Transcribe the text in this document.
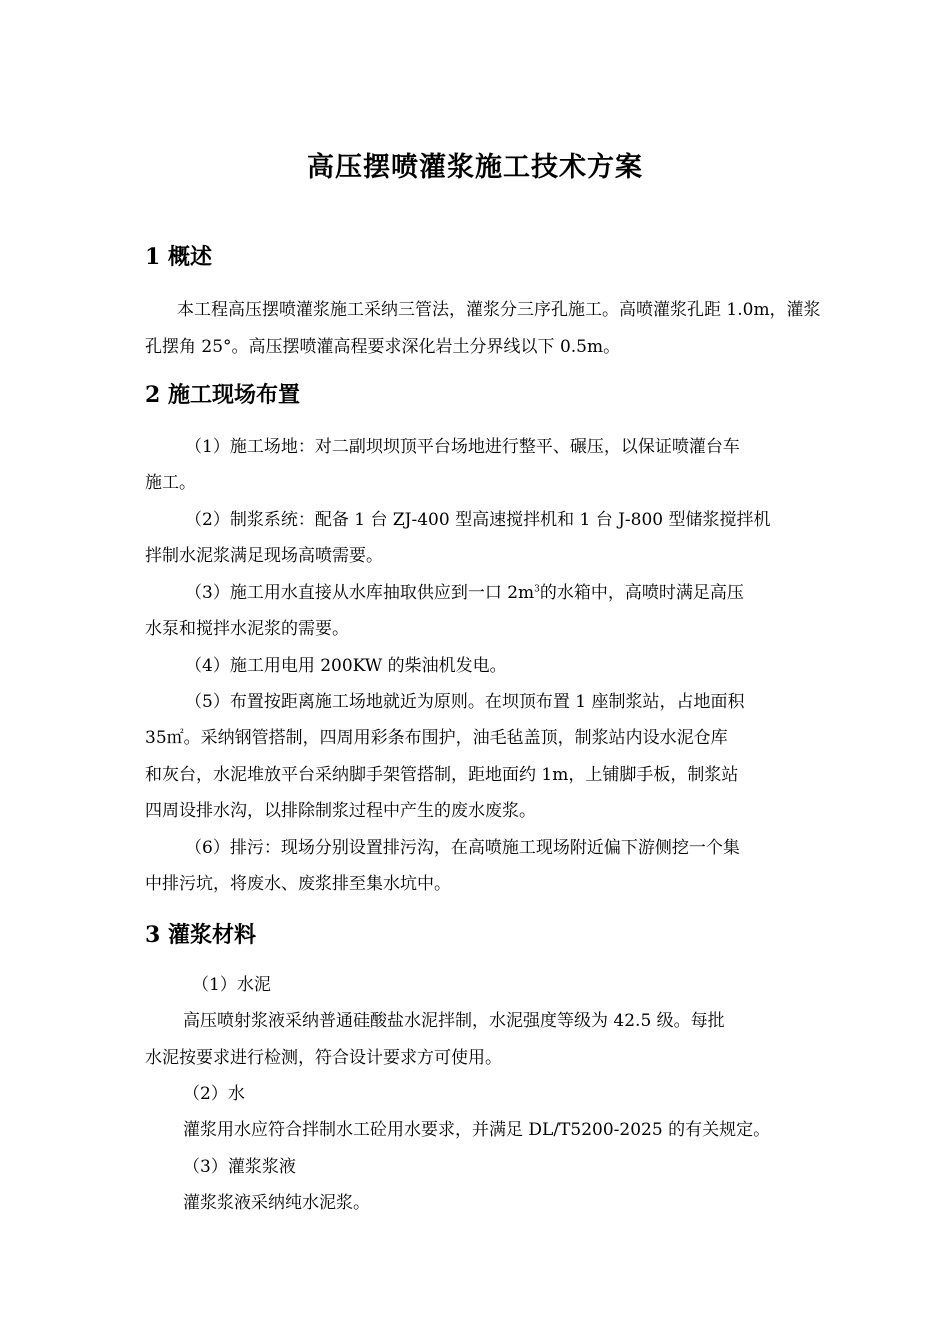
高压摆喷灌浆施工技术方案
1 概述

本工程高压摆喷灌浆施工采纳三管法，灌浆分三序孔施工。高喷灌浆孔距 1.0m，灌浆

孔摆角 25°。高压摆喷灌高程要求深化岩土分界线以下 0.5m。

2 施工现场布置

（1）施工场地：对二副坝坝顶平台场地进行整平、碾压，以保证喷灌台车

施工。

（2）制浆系统：配备 1 台 ZJ-400 型高速搅拌机和 1 台 J-800 型储浆搅拌机

拌制水泥浆满足现场高喷需要。

（3）施工用水直接从水库抽取供应到一口 $2m^3$的水箱中，高喷时满足高压

水泵和搅拌水泥浆的需要。

（4）施工用电用 200KW 的柴油机发电。

（5）布置按距离施工场地就近为原则。在坝顶布置 1 座制浆站，占地面积

35㎡。采纳钢管搭制，四周用彩条布围护，油毛毡盖顶，制浆站内设水泥仓库

和灰台，水泥堆放平台采纳脚手架管搭制，距地面约 1m，上铺脚手板，制浆站

四周设排水沟，以排除制浆过程中产生的废水废浆。

（6）排污：现场分别设置排污沟，在高喷施工现场附近偏下游侧挖一个集

中排污坑，将废水、废浆排至集水坑中。

3 灌浆材料

（1）水泥

高压喷射浆液采纳普通硅酸盐水泥拌制，水泥强度等级为 42.5 级。每批

水泥按要求进行检测，符合设计要求方可使用。

（2）水

灌浆用水应符合拌制水工砼用水要求，并满足 DL/T5200-2025 的有关规定。

（3）灌浆浆液

灌浆浆液采纳纯水泥浆。
